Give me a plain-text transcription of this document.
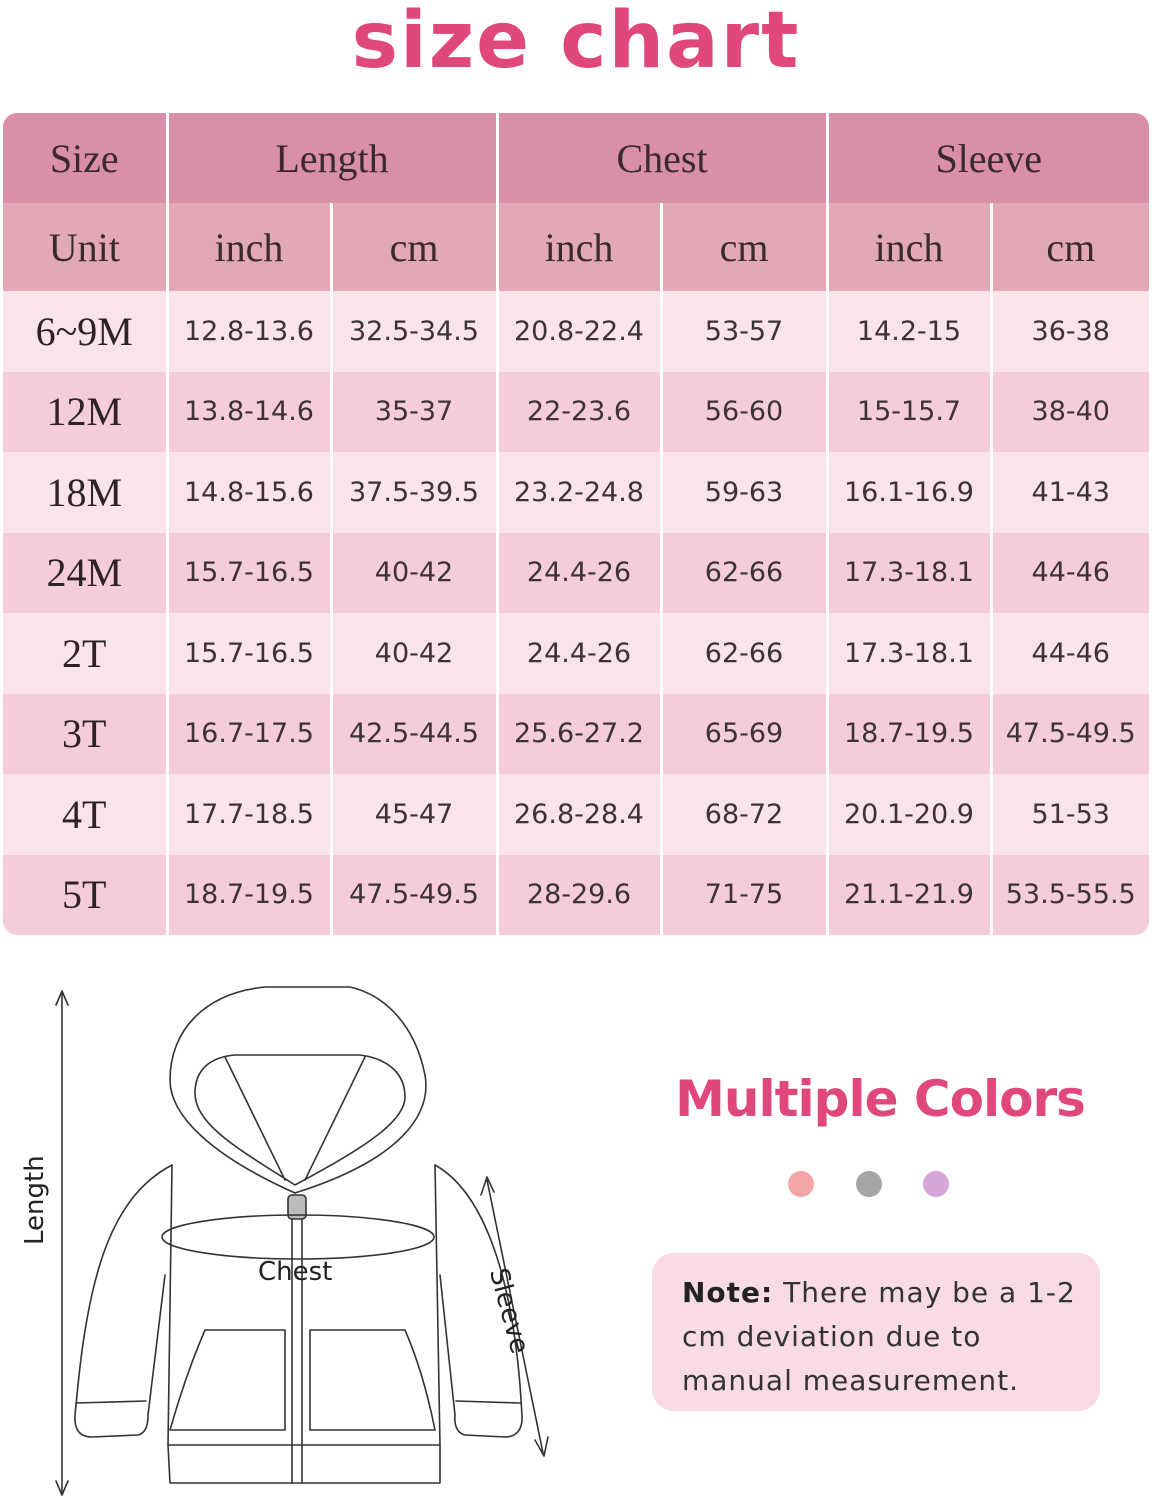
size chart
Size	Length		Chest		Sleeve	
Unit	inch	cm	inch	cm	inch	cm
6~9M	12.8-13.6	32.5-34.5	20.8-22.4	53-57	14.2-15	36-38
12M	13.8-14.6	35-37	22-23.6	56-60	15-15.7	38-40
18M	14.8-15.6	37.5-39.5	23.2-24.8	59-63	16.1-16.9	41-43
24M	15.7-16.5	40-42	24.4-26	62-66	17.3-18.1	44-46
2T	15.7-16.5	40-42	24.4-26	62-66	17.3-18.1	44-46
3T	16.7-17.5	42.5-44.5	25.6-27.2	65-69	18.7-19.5	47.5-49.5
4T	17.7-18.5	45-47	26.8-28.4	68-72	20.1-20.9	51-53
5T	18.7-19.5	47.5-49.5	28-29.6	71-75	21.1-21.9	53.5-55.5
Length
Chest	Sleeve
Multiple Colors
Note: There may be a 1-2 cm deviation due to manual measurement.
